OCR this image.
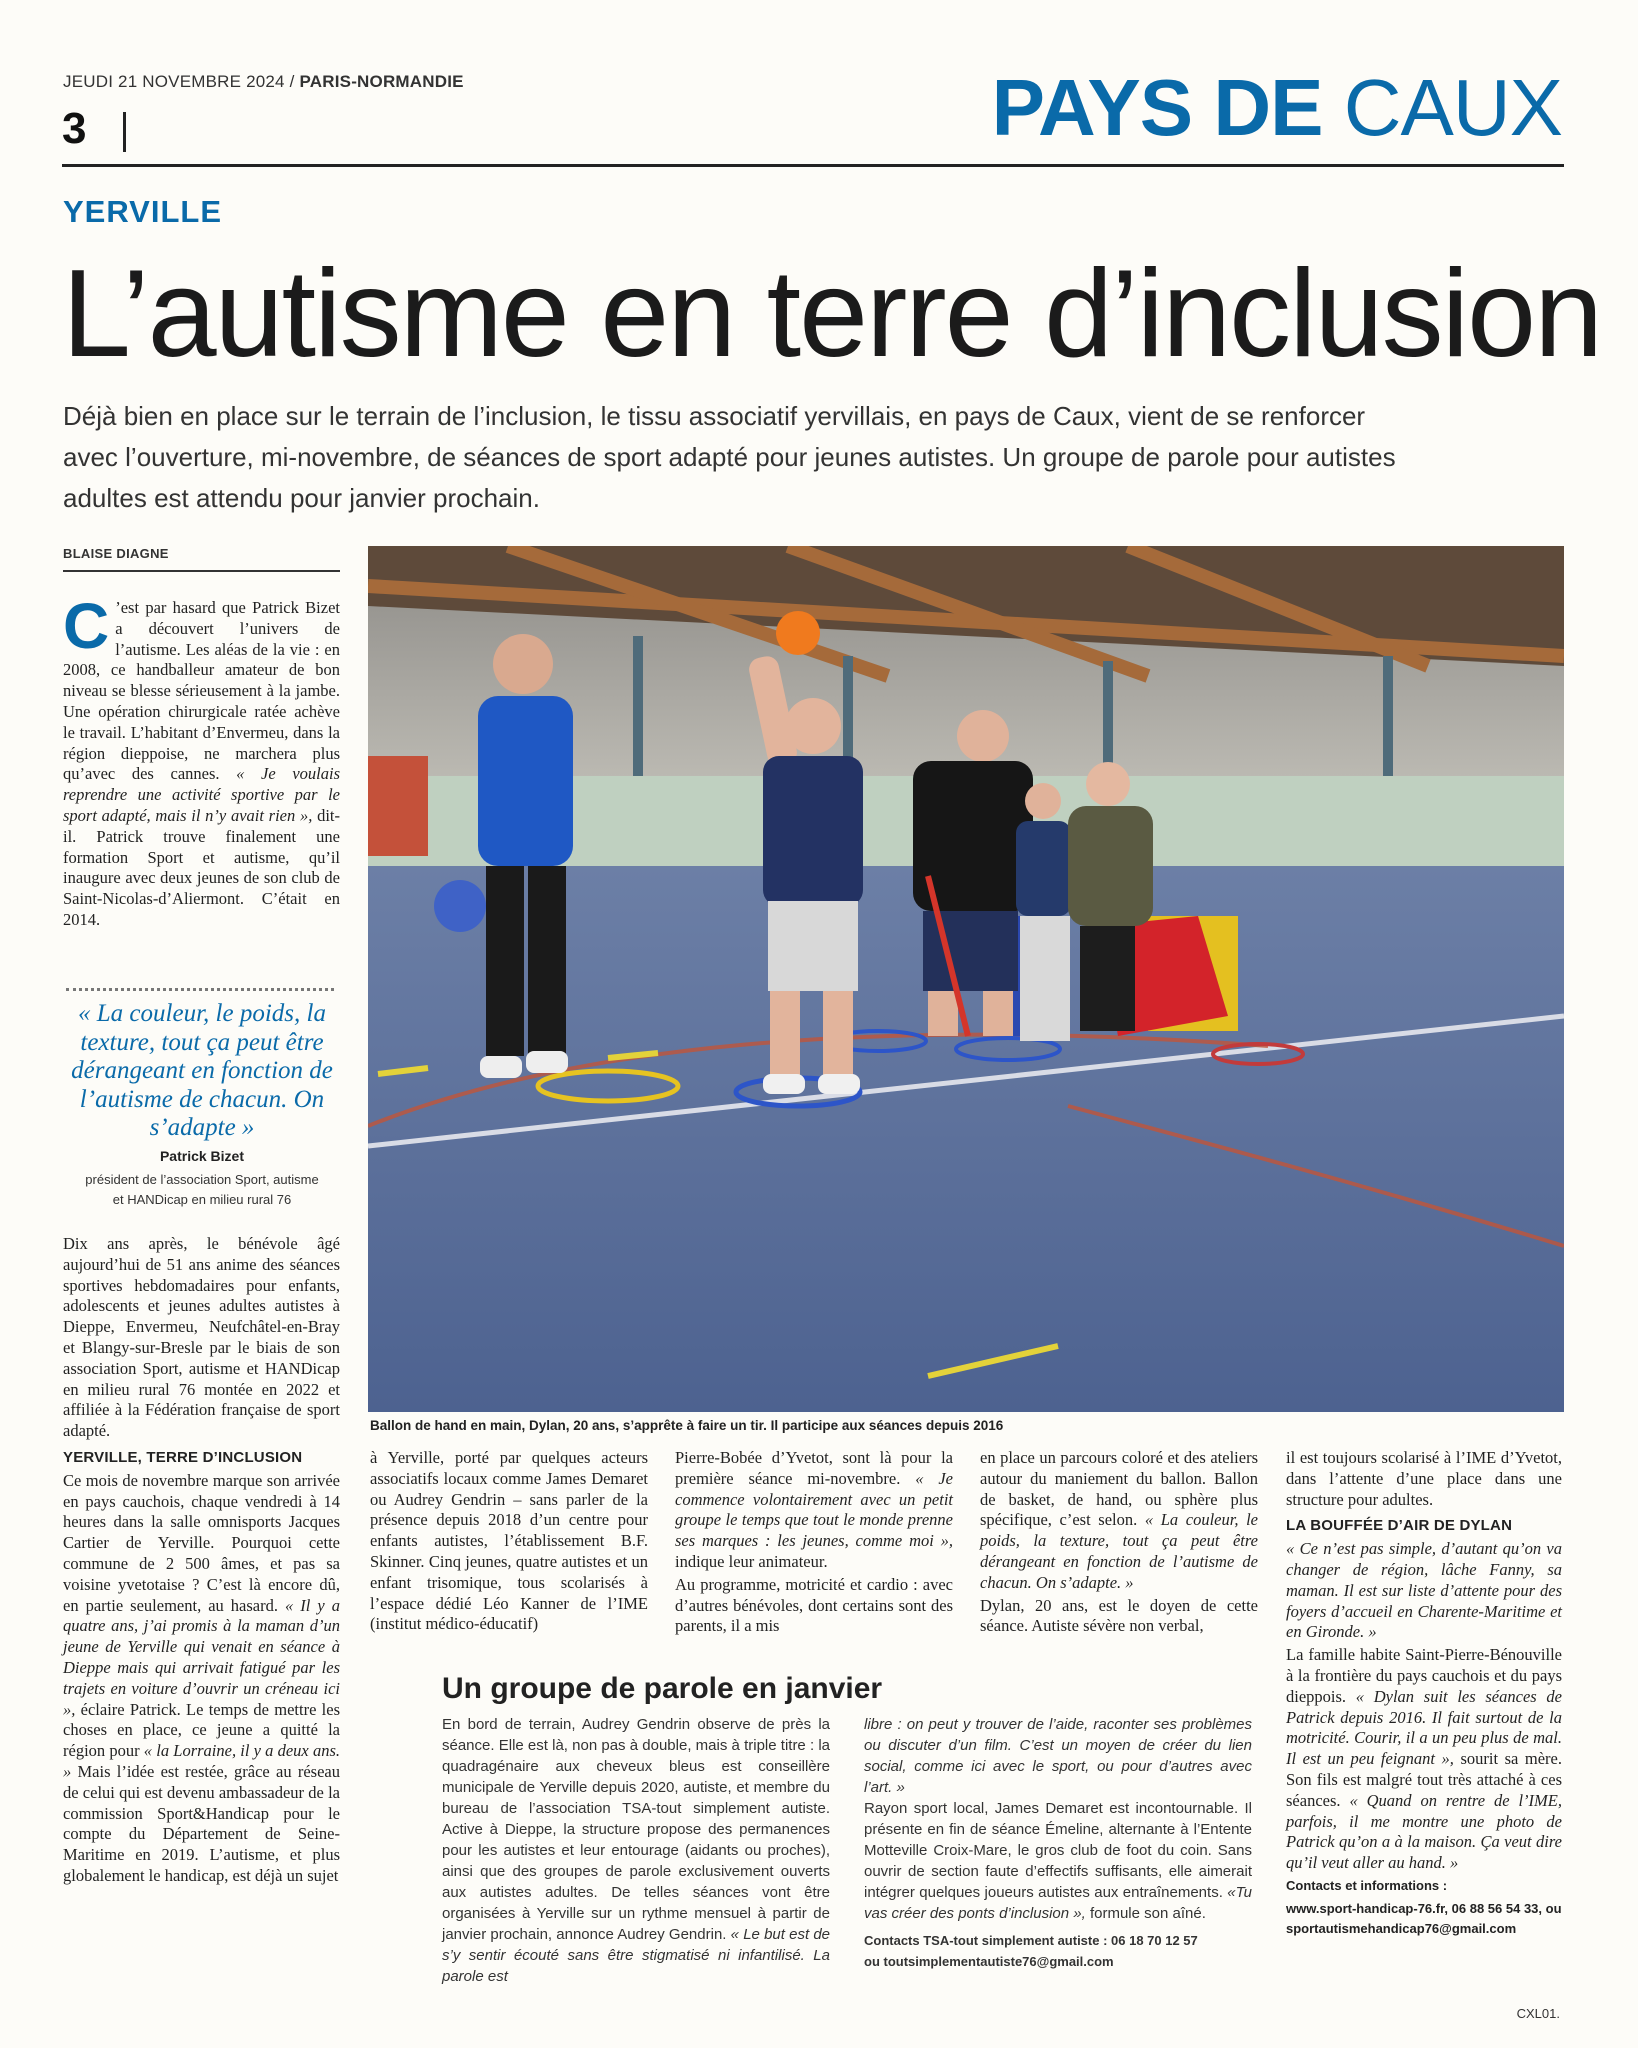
JEUDI 21 NOVEMBRE 2024 / PARIS-NORMANDIE
3	PAYS DE CAUX
YERVILLE
L’autisme en terre d’inclusion
Déjà bien en place sur le terrain de l’inclusion, le tissu associatif yervillais, en pays de Caux, vient de se renforcer avec l’ouverture, mi-novembre, de séances de sport adapté pour jeunes autistes. Un groupe de parole pour autistes adultes est attendu pour janvier prochain.
BLAISE DIAGNE

C ’est par hasard que Patrick Bizet a découvert l’univers de l’autisme. Les aléas de la vie : en 2008, ce handballeur amateur de bon niveau se blesse sérieusement à la jambe. Une opération chirurgicale ratée achève le travail. L’habitant d’Envermeu, dans la région dieppoise, ne marchera plus qu’avec des cannes. « Je voulais reprendre une activité sportive par le sport adapté, mais il n’y avait rien », dit-il. Patrick trouve finalement une formation Sport et autisme, qu’il inaugure avec deux jeunes de son club de Saint-Nicolas-d’Aliermont. C’était en 2014.

« La couleur, le poids, la texture, tout ça peut être dérangeant en fonction de l’autisme de chacun. On s’adapte »
Patrick Bizet
président de l’association Sport, autisme
et HANDicap en milieu rural 76

Dix ans après, le bénévole âgé aujourd’hui de 51 ans anime des séances sportives hebdomadaires pour enfants, adolescents et jeunes adultes autistes à Dieppe, Envermeu, Neufchâtel-en-Bray et Blangy-sur-Bresle par le biais de son association Sport, autisme et HANDicap en milieu rural 76 montée en 2022 et affiliée à la Fédération française de sport adapté.

YERVILLE, TERRE D’INCLUSION

Ce mois de novembre marque son arrivée en pays cauchois, chaque vendredi à 14 heures dans la salle omnisports Jacques Cartier de Yerville. Pourquoi cette commune de 2 500 âmes, et pas sa voisine yvetotaise ? C’est là encore dû, en partie seulement, au hasard. « Il y a quatre ans, j’ai promis à la maman d’un jeune de Yerville qui venait en séance à Dieppe mais qui arrivait fatigué par les trajets en voiture d’ouvrir un créneau ici », éclaire Patrick. Le temps de mettre les choses en place, ce jeune a quitté la région pour « la Lorraine, il y a deux ans. » Mais l’idée est restée, grâce au réseau de celui qui est devenu ambassadeur de la commission Sport&Handicap pour le compte du Département de Seine-Maritime en 2019. L’autisme, et plus globalement le handicap, est déjà un sujet

Ballon de hand en main, Dylan, 20 ans, s’apprête à faire un tir. Il participe aux séances depuis 2016

à Yerville, porté par quelques acteurs associatifs locaux comme James Demaret ou Audrey Gendrin – sans parler de la présence depuis 2018 d’un centre pour enfants autistes, l’établissement B.F. Skinner. Cinq jeunes, quatre autistes et un enfant trisomique, tous scolarisés à l’espace dédié Léo Kanner de l’IME (institut médico-éducatif)

Pierre-Bobée d’Yvetot, sont là pour la première séance mi-novembre. « Je commence volontairement avec un petit groupe le temps que tout le monde prenne ses marques : les jeunes, comme moi », indique leur animateur.

Au programme, motricité et cardio : avec d’autres bénévoles, dont certains sont des parents, il a mis

en place un parcours coloré et des ateliers autour du maniement du ballon. Ballon de basket, de hand, ou sphère plus spécifique, c’est selon. « La couleur, le poids, la texture, tout ça peut être dérangeant en fonction de l’autisme de chacun. On s’adapte. »

Dylan, 20 ans, est le doyen de cette séance. Autiste sévère non verbal,

il est toujours scolarisé à l’IME d’Yvetot, dans l’attente d’une place dans une structure pour adultes.

LA BOUFFÉE D’AIR DE DYLAN

« Ce n’est pas simple, d’autant qu’on va changer de région, lâche Fanny, sa maman. Il est sur liste d’attente pour des foyers d’accueil en Charente-Maritime et en Gironde. »

La famille habite Saint-Pierre-Bénouville à la frontière du pays cauchois et du pays dieppois. « Dylan suit les séances de Patrick depuis 2016. Il fait surtout de la motricité. Courir, il a un peu plus de mal. Il est un peu feignant », sourit sa mère. Son fils est malgré tout très attaché à ces séances. « Quand on rentre de l’IME, parfois, il me montre une photo de Patrick qu’on a à la maison. Ça veut dire qu’il veut aller au hand. »

Contacts et informations :

www.sport-handicap-76.fr, 06 88 56 54 33, ou sportautismehandicap76@gmail.com

Un groupe de parole en janvier
En bord de terrain, Audrey Gendrin observe de près la séance. Elle est là, non pas à double, mais à triple titre : la quadragénaire aux cheveux bleus est conseillère municipale de Yerville depuis 2020, autiste, et membre du bureau de l’association TSA-tout simplement autiste. Active à Dieppe, la structure propose des permanences pour les autistes et leur entourage (aidants ou proches), ainsi que des groupes de parole exclusivement ouverts aux autistes adultes. De telles séances vont être organisées à Yerville sur un rythme mensuel à partir de janvier prochain, annonce Audrey Gendrin. « Le but est de s’y sentir écouté sans être stigmatisé ni infantilisé. La parole est
libre : on peut y trouver de l’aide, raconter ses problèmes ou discuter d’un film. C’est un moyen de créer du lien social, comme ici avec le sport, ou pour d’autres avec l’art. »
Rayon sport local, James Demaret est incontournable. Il présente en fin de séance Émeline, alternante à l’Entente Motteville Croix-Mare, le gros club de foot du coin. Sans ouvrir de section faute d’effectifs suffisants, elle aimerait intégrer quelques joueurs autistes aux entraînements. «Tu vas créer des ponts d’inclusion », formule son aîné.
Contacts TSA-tout simplement autiste : 06 18 70 12 57
ou toutsimplementautiste76@gmail.com
CXL01.
